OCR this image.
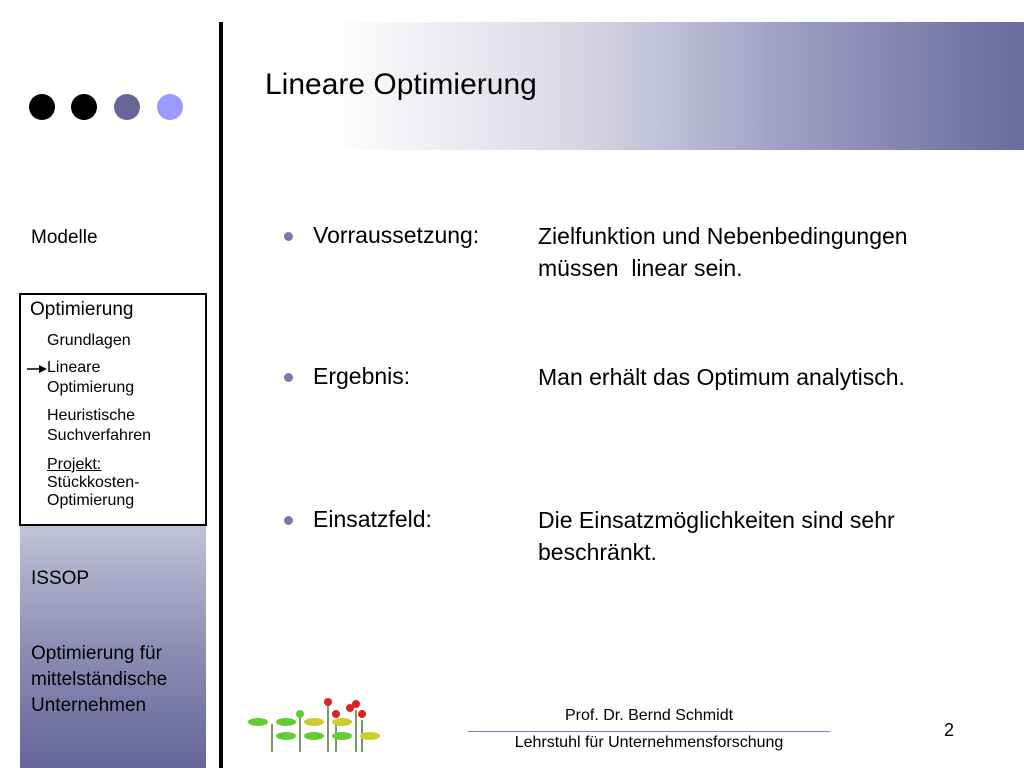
Lineare Optimierung
Modelle
Optimierung
Grundlagen
Lineare
Optimierung
Heuristische
Suchverfahren
Projekt:
Stückkosten-
Optimierung
ISSOP
Optimierung für
mittelständische
Unternehmen
Vorraussetzung:	Zielfunktion und Nebenbedingungen
müssen  linear sein.
Ergebnis:	Man erhält das Optimum analytisch.
Einsatzfeld:	Die Einsatzmöglichkeiten sind sehr
beschränkt.
Prof. Dr. Bernd Schmidt
Lehrstuhl für Unternehmensforschung
2
